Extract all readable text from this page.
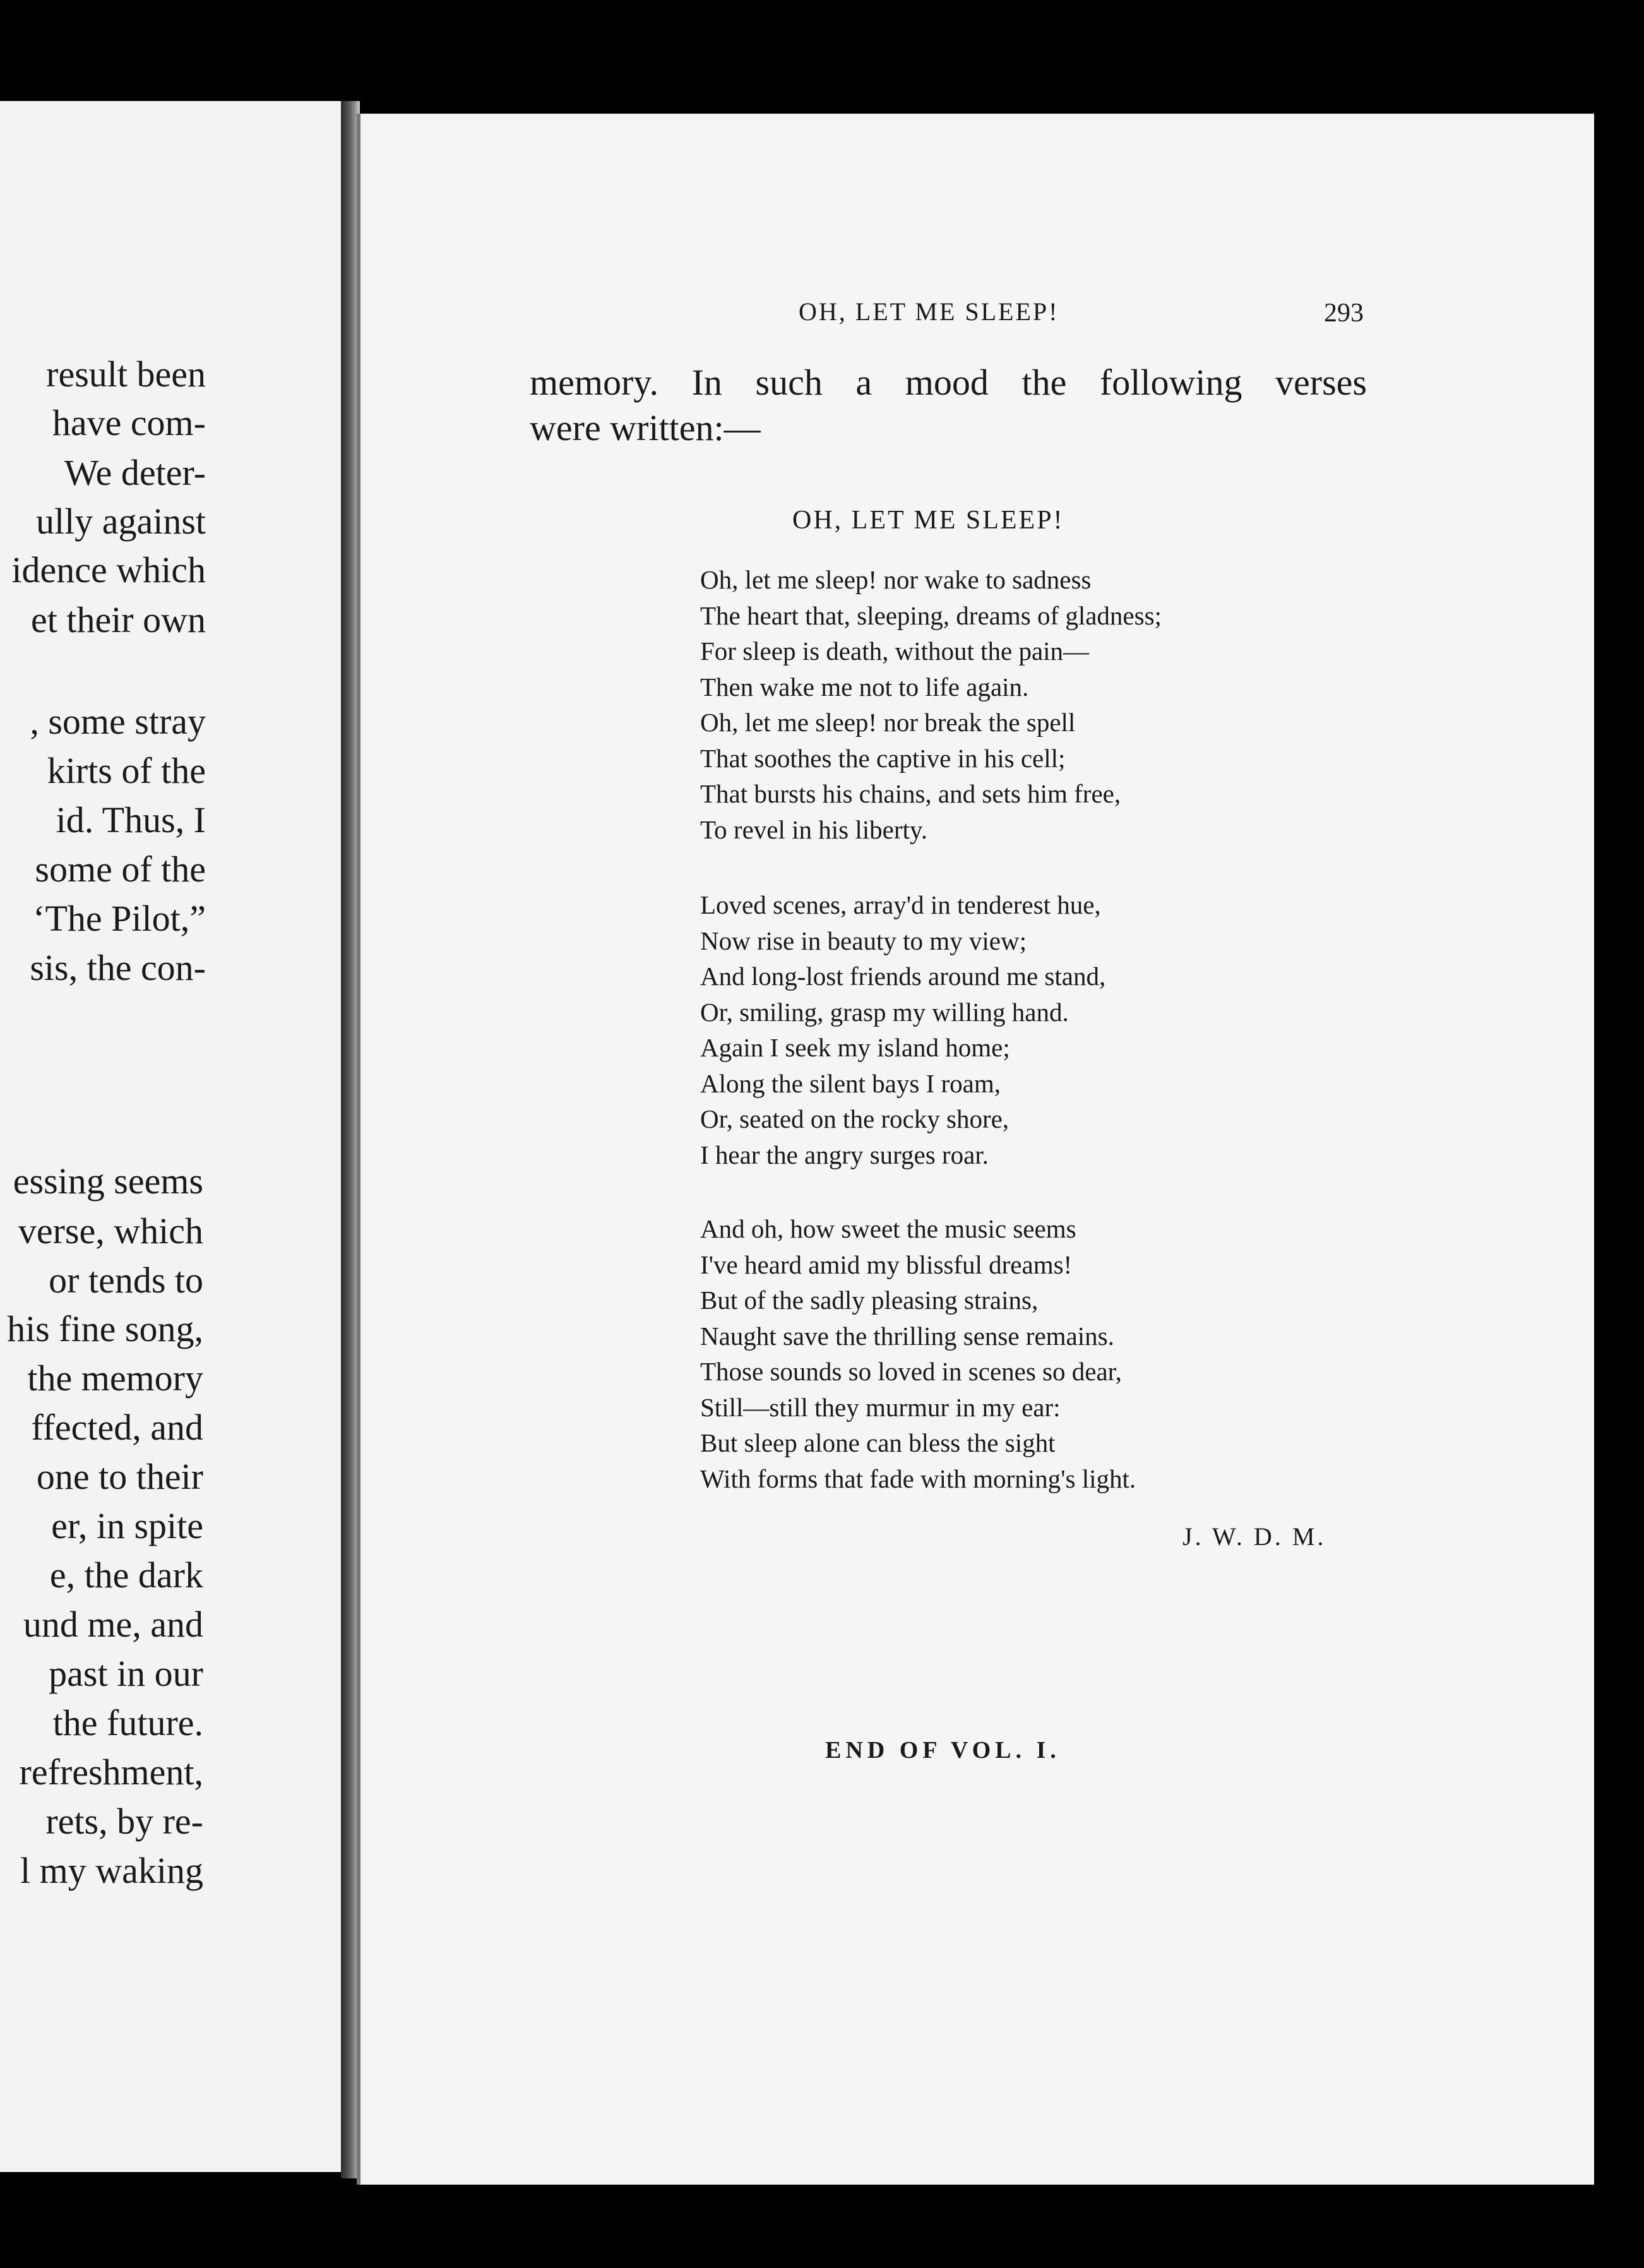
result been
have com-
We deter-
ully against
idence which
et their own
, some stray
kirts of the
id. Thus, I
some of the
‘The Pilot,”
sis, the con-
essing seems
verse, which
or tends to
his fine song,
the memory
ffected, and
one to their
er, in spite
e, the dark
und me, and
past in our
the future.
refreshment,
rets, by re-
l my waking
OH, LET ME SLEEP!	293
memory. In such a mood the following verses
were written:—
OH, LET ME SLEEP!
Oh, let me sleep! nor wake to sadness
The heart that, sleeping, dreams of gladness;
For sleep is death, without the pain—
Then wake me not to life again.
Oh, let me sleep! nor break the spell
That soothes the captive in his cell;
That bursts his chains, and sets him free,
To revel in his liberty.
Loved scenes, array'd in tenderest hue,
Now rise in beauty to my view;
And long-lost friends around me stand,
Or, smiling, grasp my willing hand.
Again I seek my island home;
Along the silent bays I roam,
Or, seated on the rocky shore,
I hear the angry surges roar.
And oh, how sweet the music seems
I've heard amid my blissful dreams!
But of the sadly pleasing strains,
Naught save the thrilling sense remains.
Those sounds so loved in scenes so dear,
Still—still they murmur in my ear:
But sleep alone can bless the sight
With forms that fade with morning's light.
J. W. D. M.
END OF VOL. I.
